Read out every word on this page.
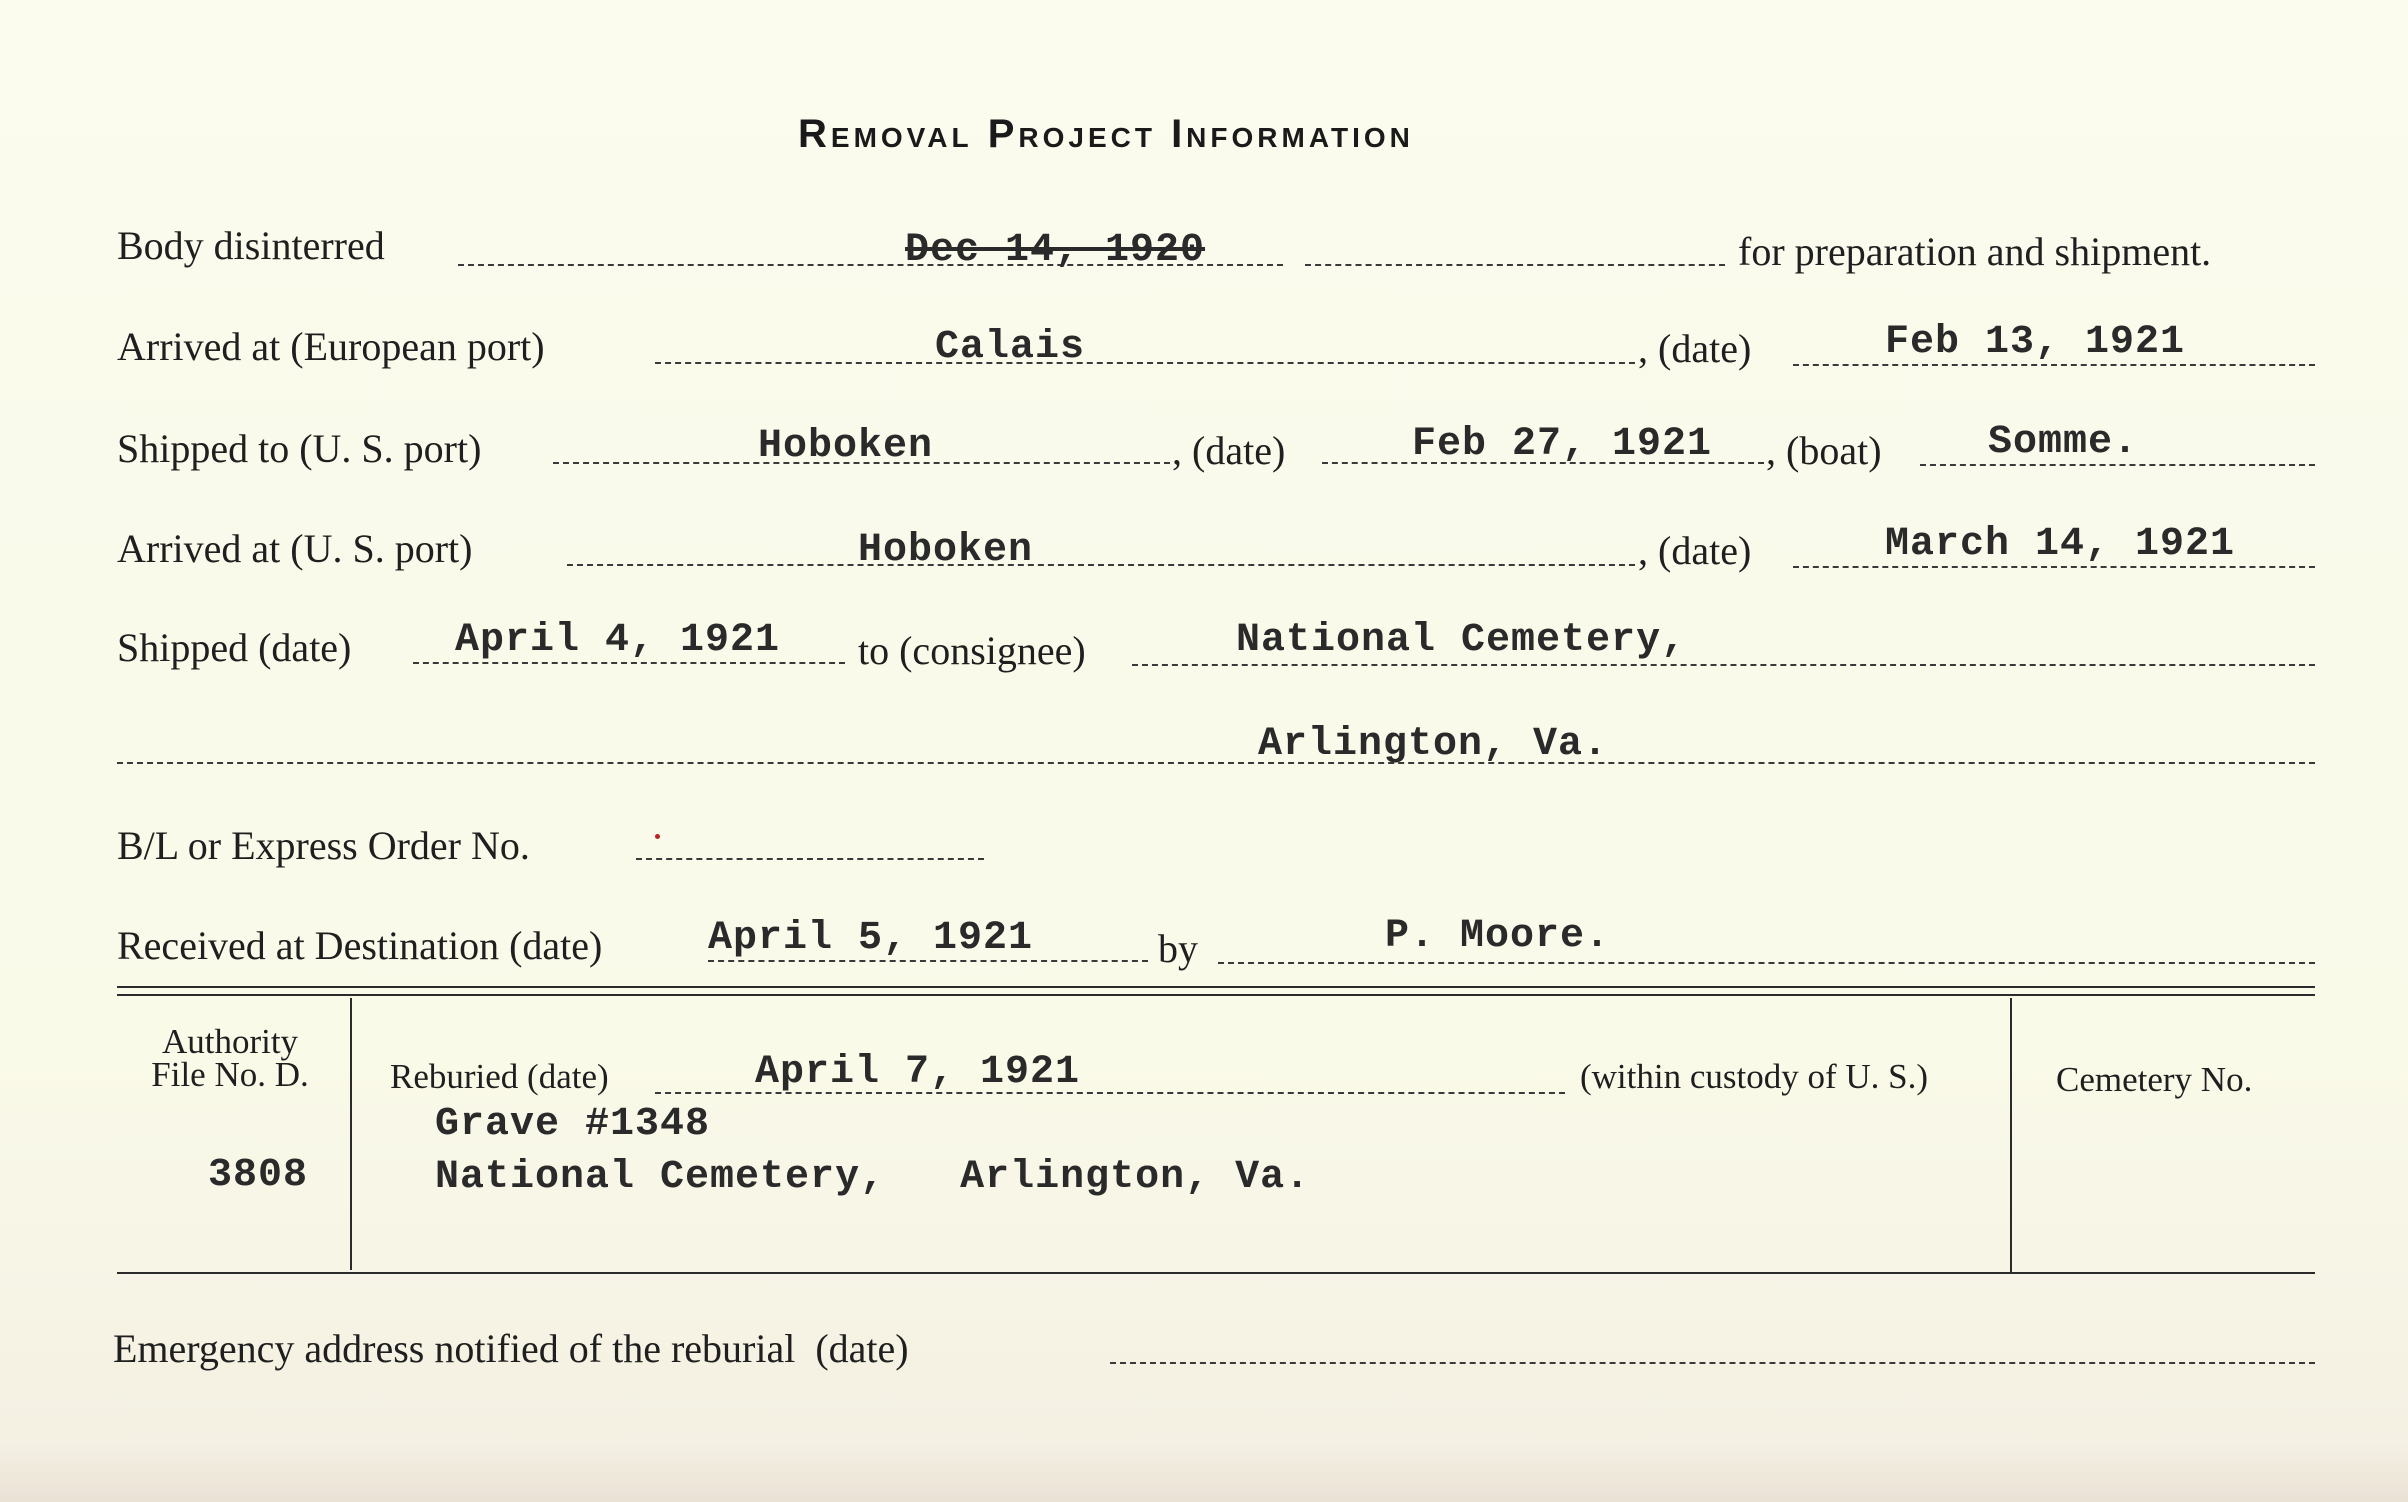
Removal Project Information
Body disinterred	Dec 14, 1920	for preparation and shipment.
Arrived at (European port)	Calais	, (date)	Feb 13, 1921
Shipped to (U. S. port)	Hoboken	, (date)	Feb 27, 1921 , (boat)	Somme.
Arrived at (U. S. port)	Hoboken	, (date)	March 14, 1921
Shipped (date)	April 4, 1921 to (consignee)	National Cemetery,
Arlington, Va.
B/L or Express Order No.
Received at Destination (date)	April 5, 1921	by	P. Moore.
Authority
File No. D.
3808
Reburied (date)	April 7, 1921	(within custody of U. S.)
Grave #1348
National Cemetery,   Arlington, Va.
Cemetery No.
Emergency address notified of the reburial  (date)
